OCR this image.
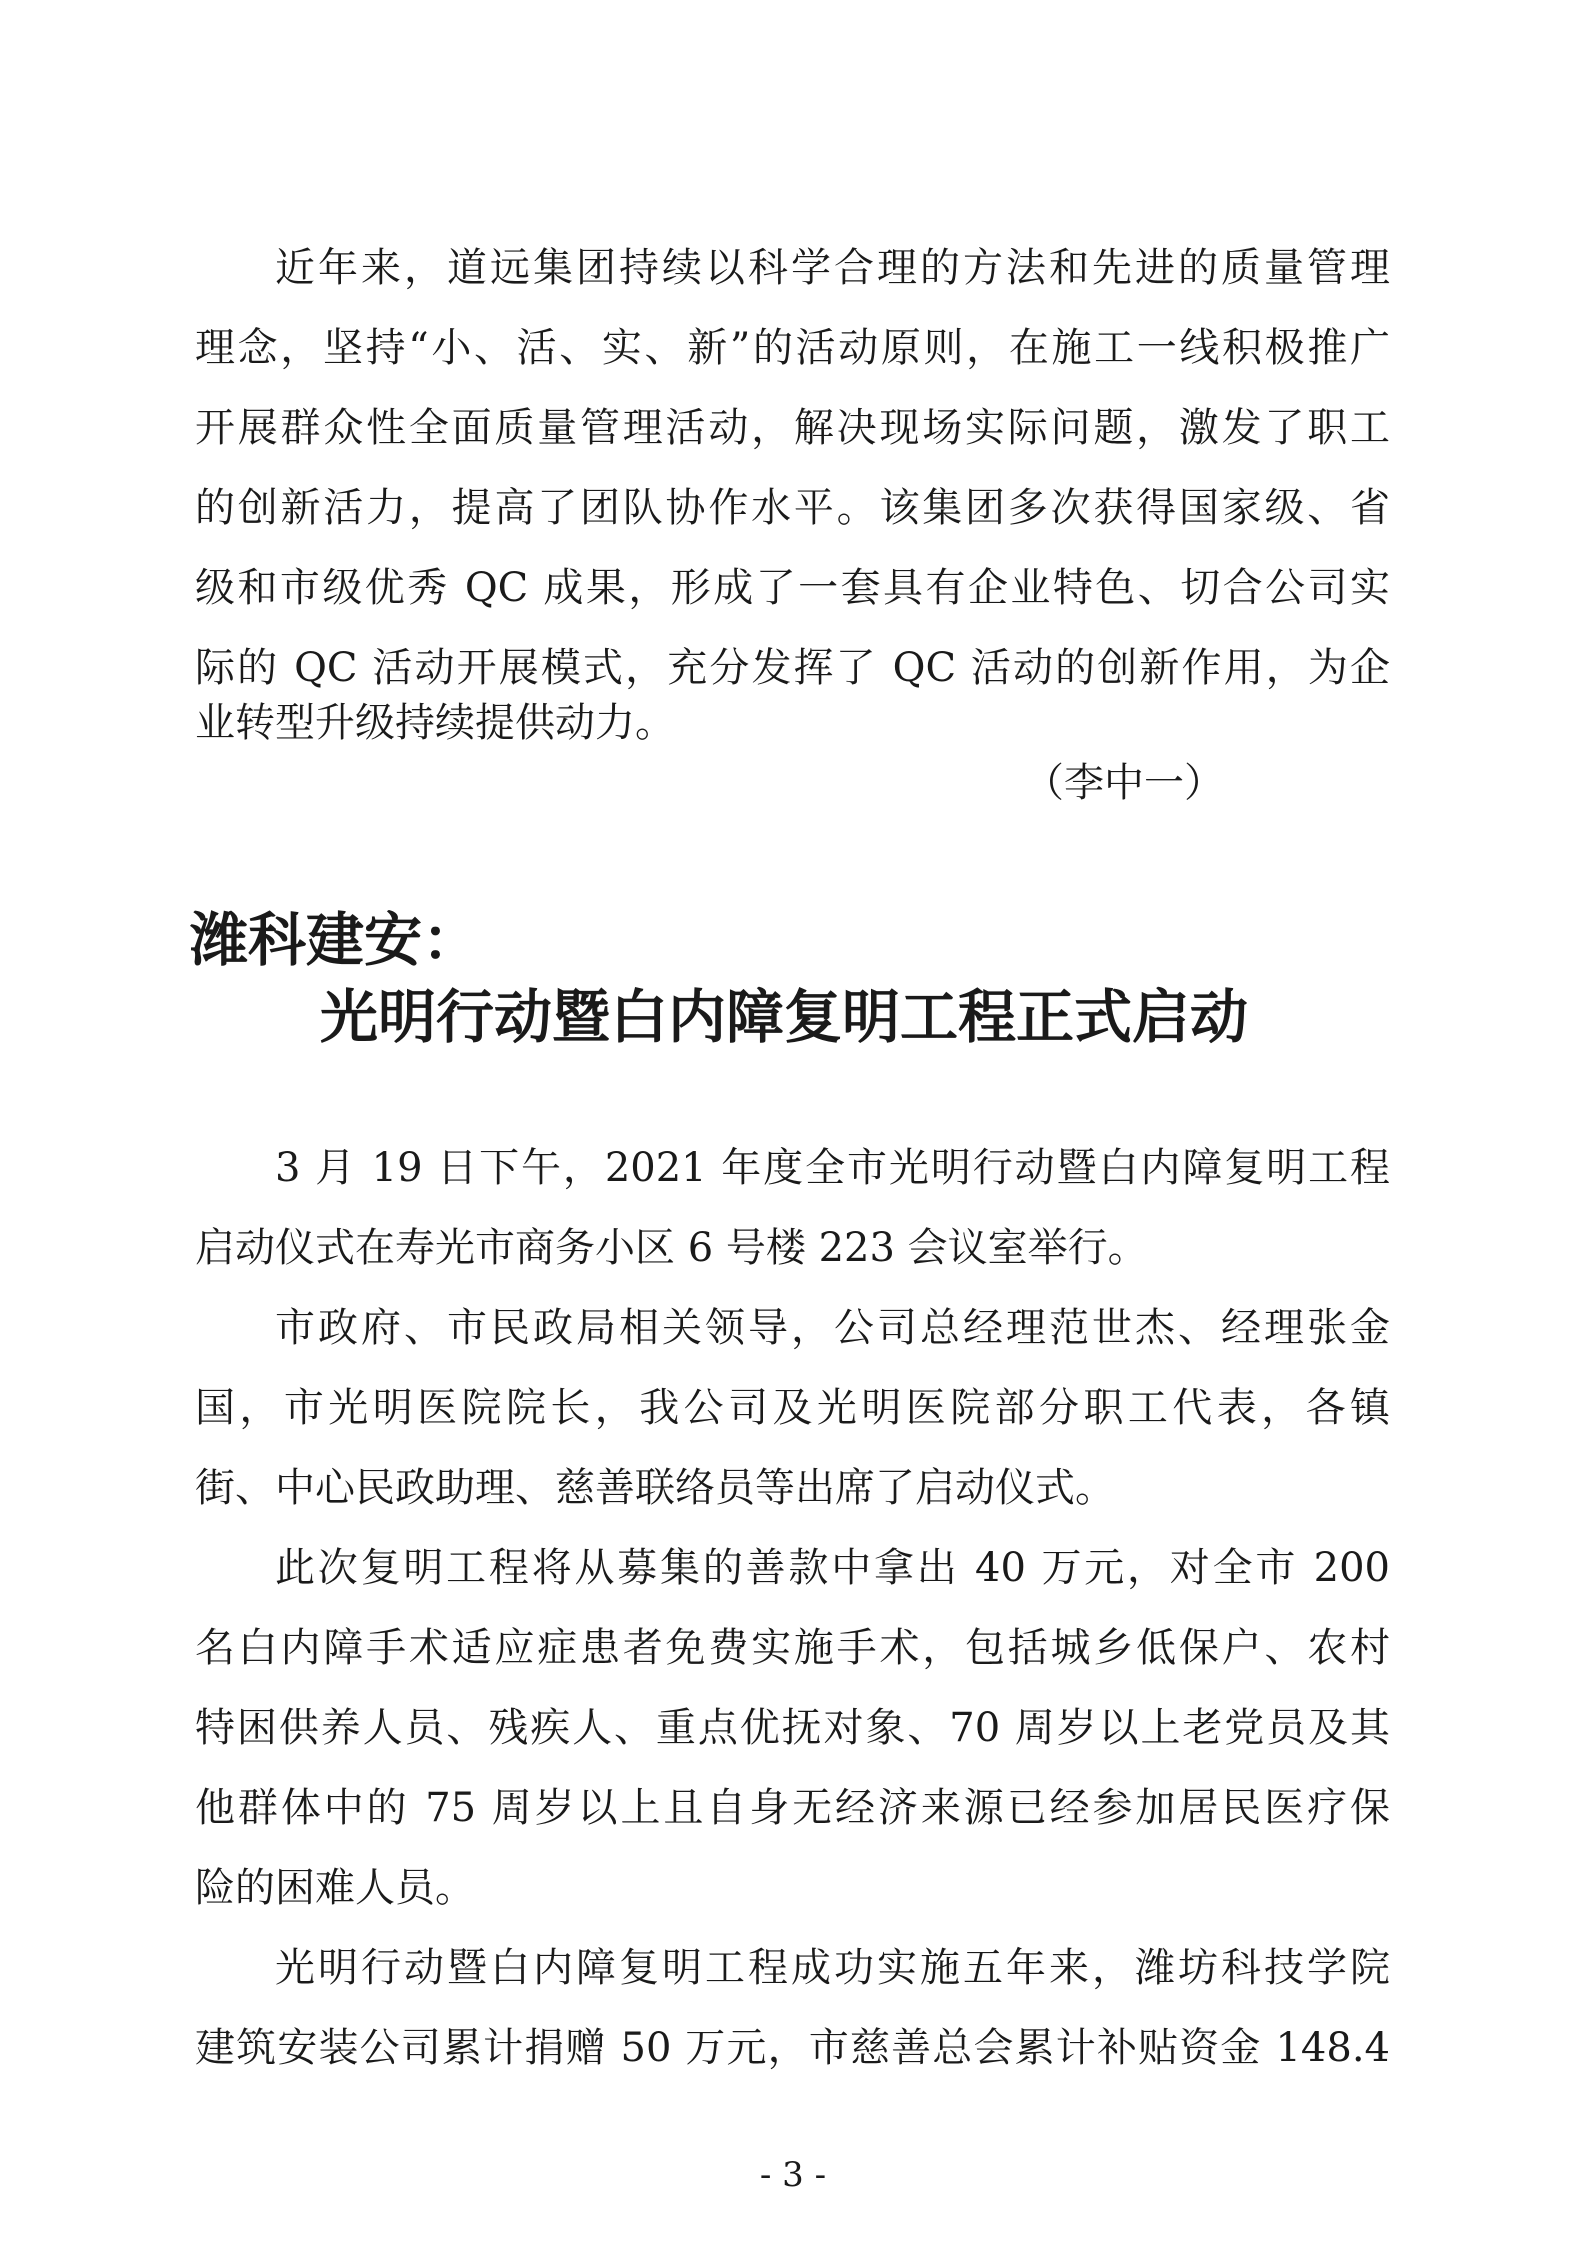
近年来，道远集团持续以科学合理的方法和先进的质量管理

理念，坚持“小、活、实、新”的活动原则，在施工一线积极推广

开展群众性全面质量管理活动，解决现场实际问题，激发了职工

的创新活力，提高了团队协作水平。该集团多次获得国家级、省

级和市级优秀 QC 成果，形成了一套具有企业特色、切合公司实

际的 QC 活动开展模式，充分发挥了 QC 活动的创新作用，为企

业转型升级持续提供动力。

（李中一）

潍科建安：
光明行动暨白内障复明工程正式启动

3 月 19 日下午，2021 年度全市光明行动暨白内障复明工程

启动仪式在寿光市商务小区 6 号楼 223 会议室举行。

市政府、市民政局相关领导，公司总经理范世杰、经理张金

国，市光明医院院长，我公司及光明医院部分职工代表，各镇

街、中心民政助理、慈善联络员等出席了启动仪式。

此次复明工程将从募集的善款中拿出 40 万元，对全市 200

名白内障手术适应症患者免费实施手术，包括城乡低保户、农村

特困供养人员、残疾人、重点优抚对象、70 周岁以上老党员及其

他群体中的 75 周岁以上且自身无经济来源已经参加居民医疗保

险的困难人员。

光明行动暨白内障复明工程成功实施五年来，潍坊科技学院

建筑安装公司累计捐赠 50 万元，市慈善总会累计补贴资金 148.4

- 3 -
